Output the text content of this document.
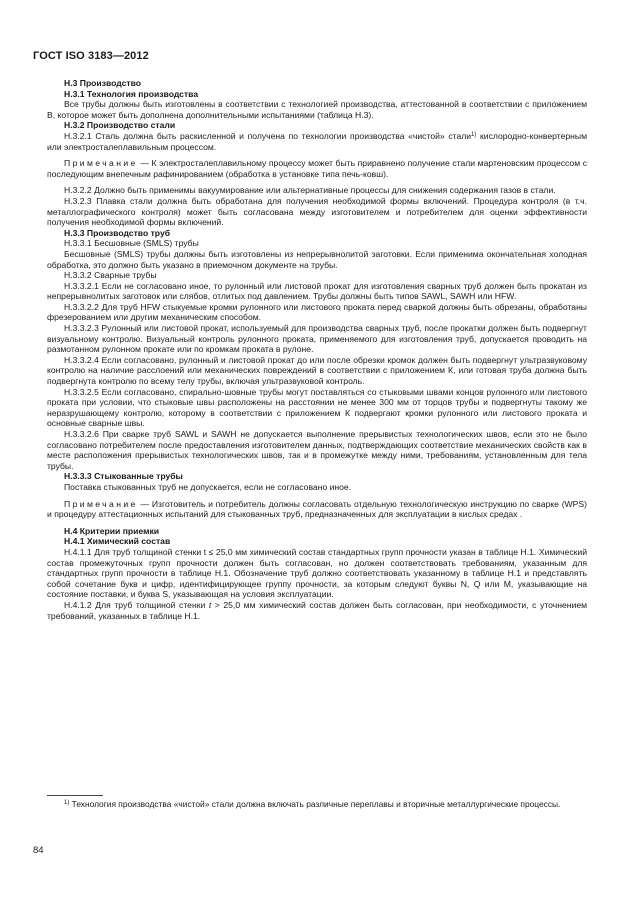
ГОСТ ISO 3183—2012

Н.3 Производство

Н.3.1 Технология производства

Все трубы должны быть изготовлены в соответствии с технологией производства, аттестованной в соответствии с приложением В, которое может быть дополнена дополнительными испытаниями (таблица Н.3).

Н.3.2 Производство стали

Н.3.2.1 Сталь должна быть раскисленной и получена по технологии производства «чистой» стали$^{1)}$ кислородно-конвертерным или электросталеплавильным процессом.

Примечание — К электросталеплавильному процессу может быть приравнено получение стали мартеновским процессом с последующим внепечным рафинированием (обработка в установке типа печь-ковш).

Н.3.2.2 Должно быть применимы вакуумирование или альтернативные процессы для снижения содержания газов в стали.

Н.3.2.3 Плавка стали должна быть обработана для получения необходимой формы включений. Процедура контроля (в т.ч. металлографического контроля) может быть согласована между изготовителем и потребителем для оценки эффективности получения необходимой формы включений.

Н.3.3 Производство труб

Н.3.3.1 Бесшовные (SMLS) трубы

Бесшовные (SMLS) трубы должны быть изготовлены из непрерывнолитой заготовки. Если применима окончательная холодная обработка, это должно быть указано в приемочном документе на трубы.

Н.3.3.2 Сварные трубы

Н.3.3.2.1 Если не согласовано иное, то рулонный или листовой прокат для изготовления сварных труб должен быть прокатан из непрерывнолитых заготовок или слябов, отлитых под давлением. Трубы должны быть типов SAWL, SAWH или HFW.

Н.3.3.2.2 Для труб HFW стыкуемые кромки рулонного или листового проката перед сваркой должны быть обрезаны, обработаны фрезерованием или другим механическим способом.

Н.3.3.2.3 Рулонный или листовой прокат, используемый для производства сварных труб, после прокатки должен быть подвергнут визуальному контролю. Визуальный контроль рулонного проката, применяемого для изготовления труб, допускается проводить на размотанном рулонном прокате или по кромкам проката в рулоне.

Н.3.3.2.4 Если согласовано, рулонный и листовой прокат до или после обрезки кромок должен быть подвергнут ультразвуковому контролю на наличие расслоений или механических повреждений в соответствии с приложением К, или готовая труба должна быть подвергнута контролю по всему телу трубы, включая ультразвуковой контроль.

Н.3.3.2.5 Если согласовано, спирально-шовные трубы могут поставляться со стыковыми швами концов рулонного или листового проката при условии, что стыковые швы расположены на расстоянии не менее 300 мм от торцов трубы и подвергнуты такому же неразрушающему контролю, которому в соответствии с приложением К подвергают кромки рулонного или листового проката и основные сварные швы.

Н.3.3.2.6 При сварке труб SAWL и SAWH не допускается выполнение прерывистых технологических швов, если это не было согласовано потребителем после предоставления изготовителем данных, подтверждающих соответствие механических свойств как в месте расположения прерывистых технологических швов, так и в промежутке между ними, требованиям, установленным для тела трубы.

Н.3.3.3 Стыкованные трубы

Поставка стыкованных труб не допускается, если не согласовано иное.

Примечание — Изготовитель и потребитель должны согласовать отдельную технологическую инструкцию по сварке (WPS) и процедуру аттестационных испытаний для стыкованных труб, предназначенных для эксплуатации в кислых средах .

Н.4 Критерии приемки

Н.4.1 Химический состав

Н.4.1.1 Для труб толщиной стенки t ≤ 25,0 мм химический состав стандартных групп прочности указан в таблице Н.1. Химический состав промежуточных групп прочности должен быть согласован, но должен соответствовать требованиям, указанным для стандартных групп прочности в таблице Н.1. Обозначение труб должно соответствовать указанному в таблице Н.1 и представлять собой сочетание букв и цифр, идентифицирующее группу прочности, за которым следуют буквы N, Q или M, указывающие на состояние поставки, и буква S, указывающая на условия эксплуатации.

Н.4.1.2 Для труб толщиной стенки t > 25,0 мм химический состав должен быть согласован, при необходимости, с уточнением требований, указанных в таблице Н.1.

$^{1)}$ Технология производства «чистой» стали должна включать различные переплавы и вторичные металлургические процессы.

84
